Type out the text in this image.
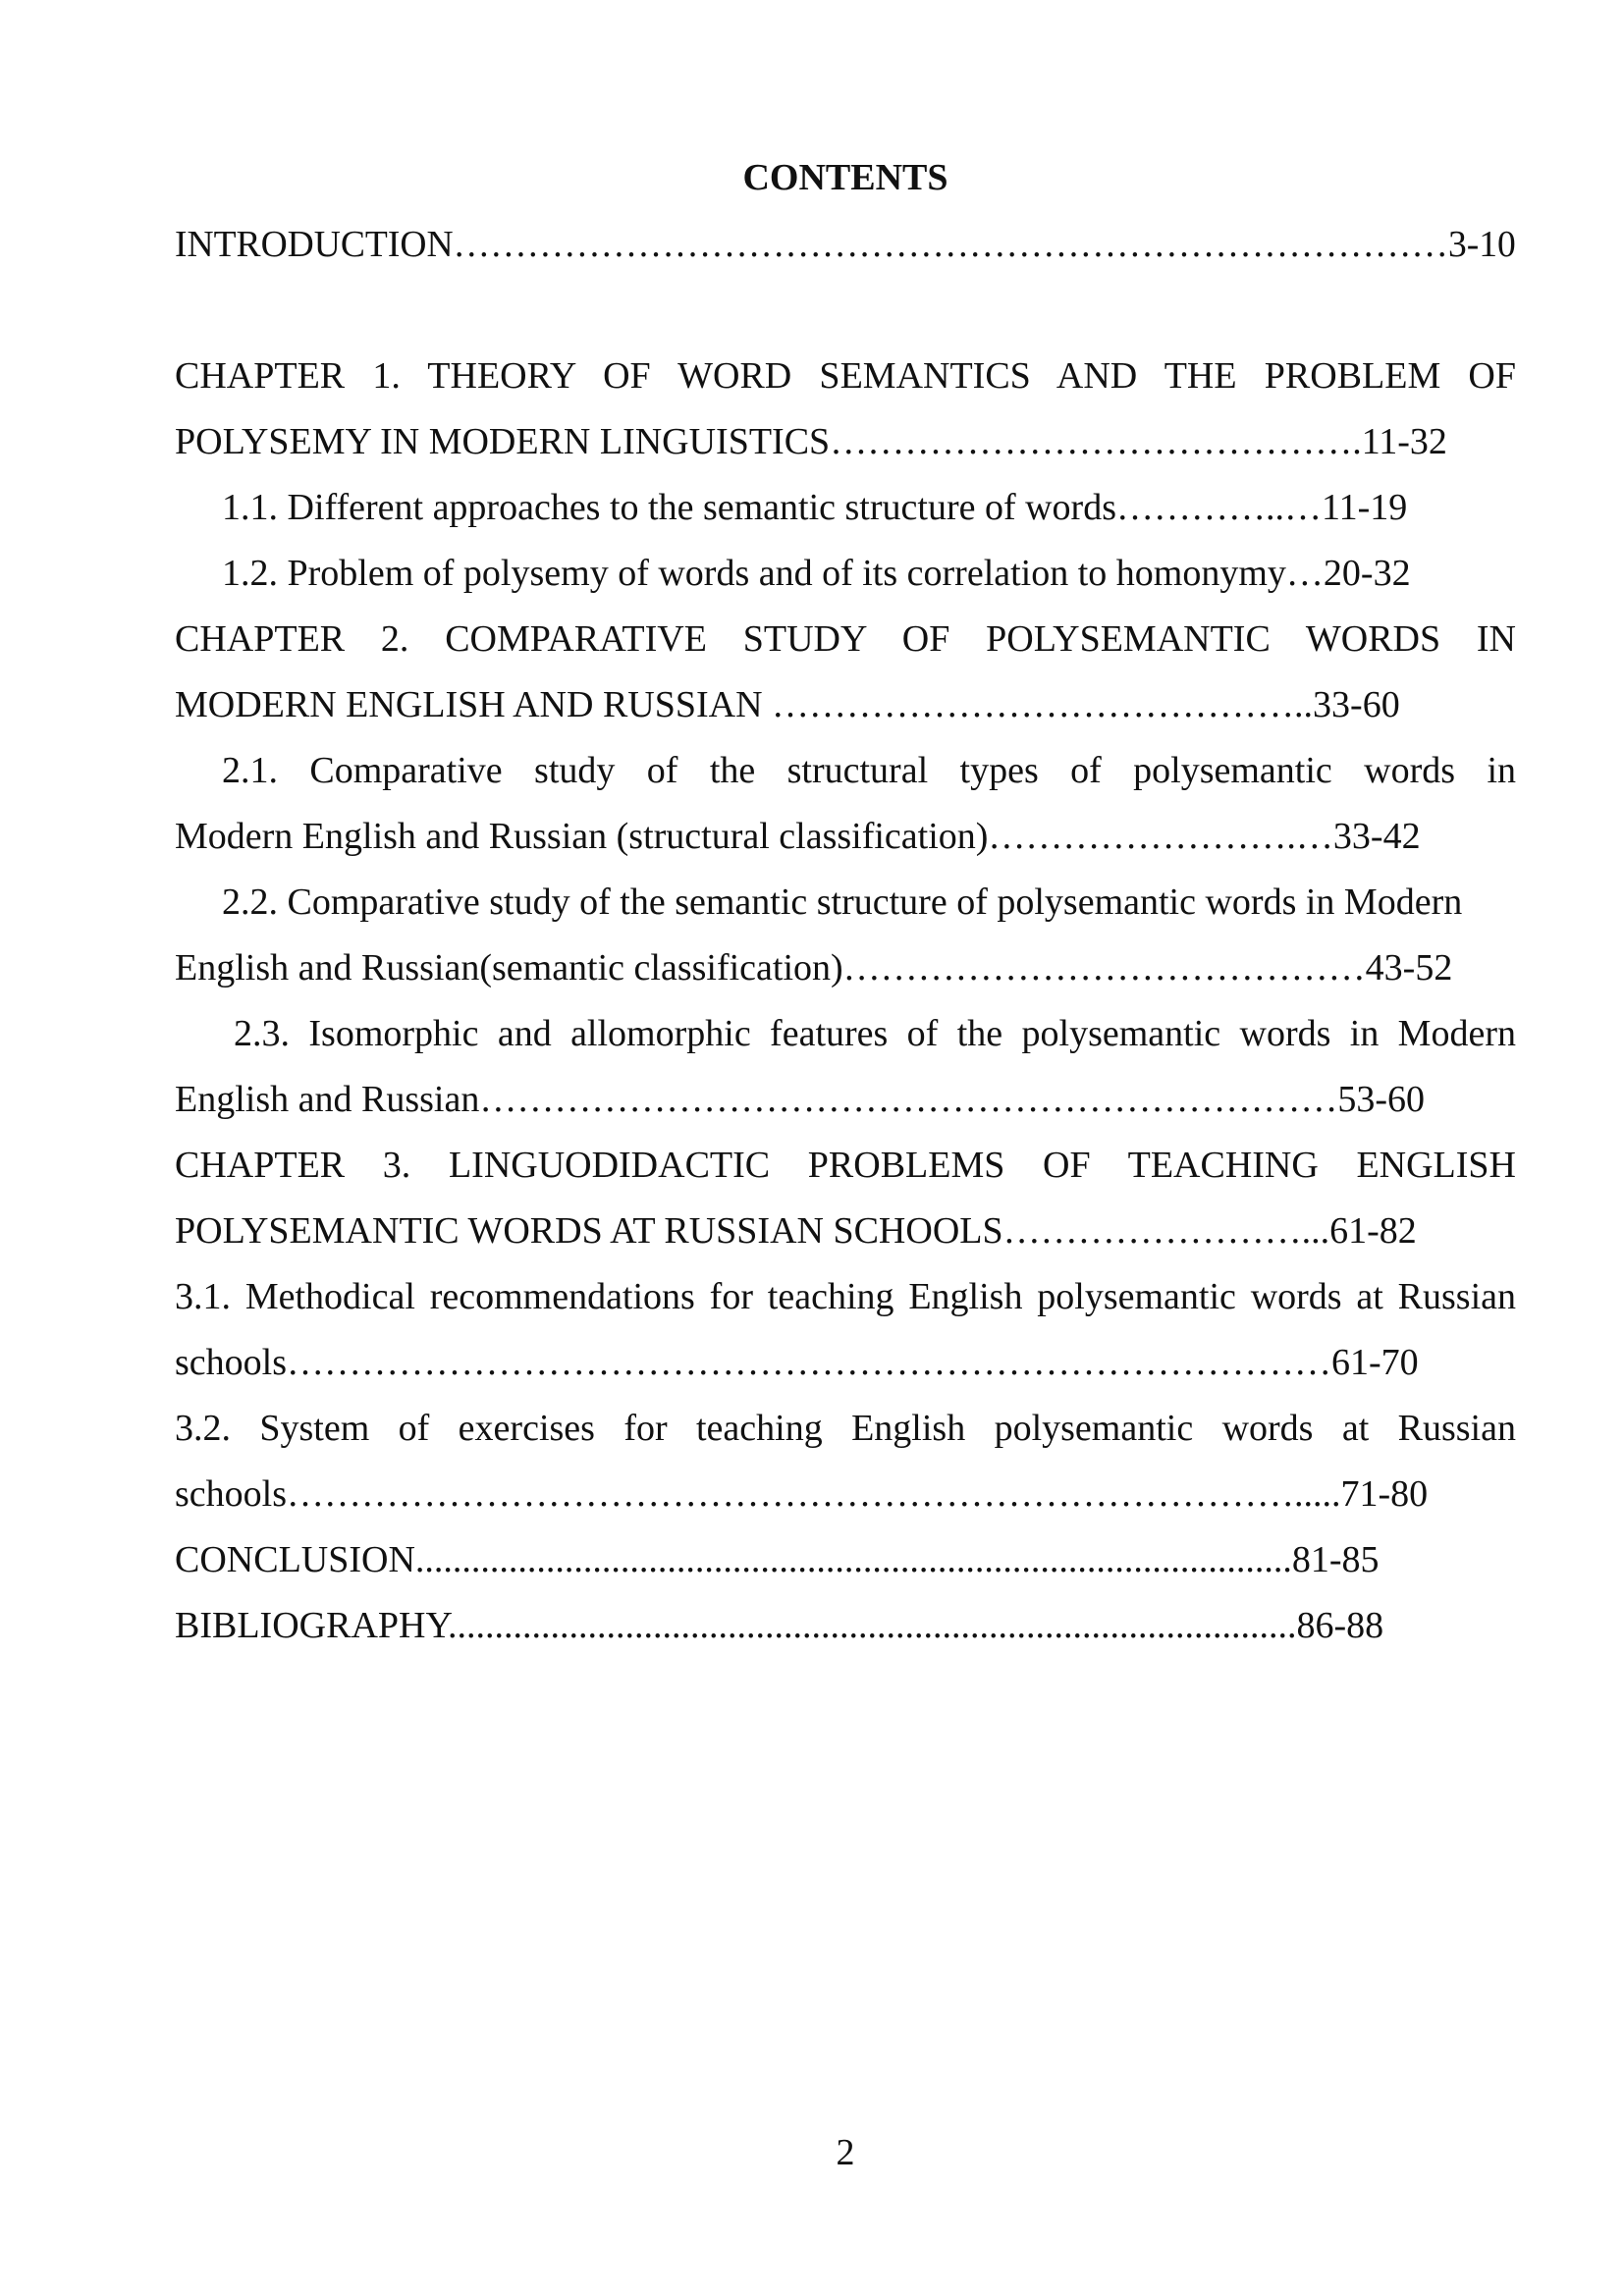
CONTENTS
INTRODUCTION………………………………………………………………………3-10
CHAPTER 1. THEORY OF WORD SEMANTICS AND THE PROBLEM OF
POLYSEMY IN MODERN LINGUISTICS…………………………………….11-32
1.1. Different approaches to the semantic structure of words…………..…11-19
1.2. Problem of polysemy of words and of its correlation to homonymy…20-32
CHAPTER 2. COMPARATIVE STUDY OF POLYSEMANTIC WORDS IN
MODERN ENGLISH AND RUSSIAN ……………………………………..33-60
2.1. Comparative study of the structural types of polysemantic words in
Modern English and Russian (structural classification)…………………….…33-42
2.2. Comparative study of the semantic structure of polysemantic words in Modern
English and Russian(semantic classification)……………………………………43-52
2.3. Isomorphic and allomorphic features of the polysemantic words in Modern
English and Russian……………………………………………………………53-60
CHAPTER 3. LINGUODIDACTIC PROBLEMS OF TEACHING ENGLISH
POLYSEMANTIC WORDS AT RUSSIAN SCHOOLS……………………...61-82
3.1. Methodical recommendations for teaching English polysemantic words at Russian
schools…………………………………………………………………………61-70
3.2. System of exercises for teaching English polysemantic words at Russian
schools……………………………………………………………………….....71-80
CONCLUSION..............................................................................................81-85
BIBLIOGRAPHY...........................................................................................86-88
2
